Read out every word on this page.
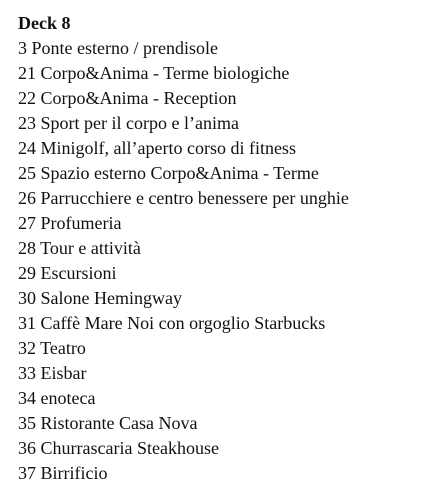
Deck 8
3 Ponte esterno / prendisole
21 Corpo&Anima - Terme biologiche
22 Corpo&Anima - Reception
23 Sport per il corpo e l’anima
24 Minigolf, all’aperto corso di fitness
25 Spazio esterno Corpo&Anima - Terme
26 Parrucchiere e centro benessere per unghie
27 Profumeria
28 Tour e attività
29 Escursioni
30 Salone Hemingway
31 Caffè Mare Noi con orgoglio Starbucks
32 Teatro
33 Eisbar
34 enoteca
35 Ristorante Casa Nova
36 Churrascaria Steakhouse
37 Birrificio
